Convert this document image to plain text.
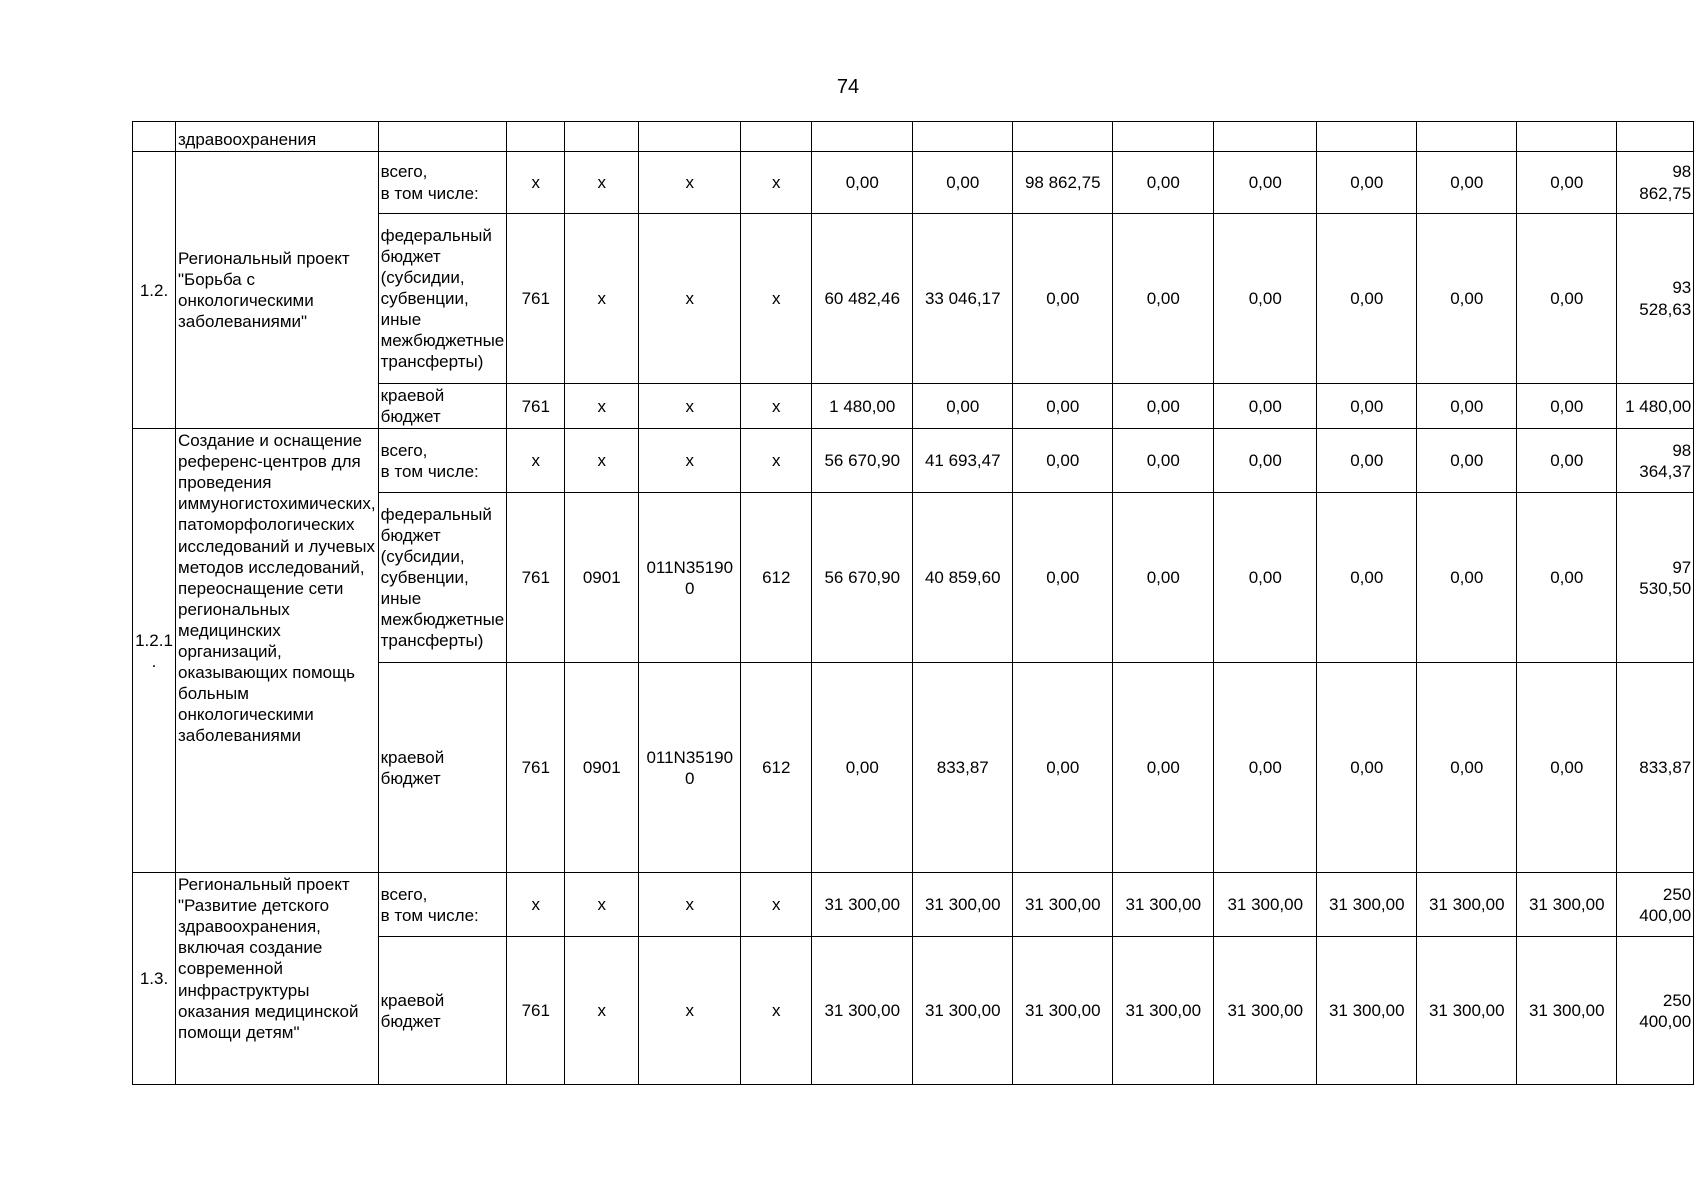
74
	здравоохранения														
1.2.	Региональный проект "Борьба с онкологическими заболеваниями"	всего,
в том числе:	х	х	х	х	0,00	0,00	98 862,75	0,00	0,00	0,00	0,00	0,00	98
862,75
		федеральный бюджет (субсидии, субвенции, иные межбюджетные трансферты)	761	х	х	х	60 482,46	33 046,17	0,00	0,00	0,00	0,00	0,00	0,00	93
528,63
		краевой бюджет	761	х	х	х	1 480,00	0,00	0,00	0,00	0,00	0,00	0,00	0,00	1 480,00
1.2.1
.	Создание и оснащение референс-центров для проведения иммуногистохимических, патоморфологических исследований и лучевых методов исследований, переоснащение сети региональных медицинских организаций, оказывающих помощь больным онкологическими заболеваниями	всего,
в том числе:	х	х	х	х	56 670,90	41 693,47	0,00	0,00	0,00	0,00	0,00	0,00	98
364,37
		федеральный бюджет (субсидии, субвенции, иные межбюджетные трансферты)	761	0901	011N35190
0	612	56 670,90	40 859,60	0,00	0,00	0,00	0,00	0,00	0,00	97
530,50
		краевой бюджет	761	0901	011N35190
0	612	0,00	833,87	0,00	0,00	0,00	0,00	0,00	0,00	833,87
1.3.	Региональный проект "Развитие детского здравоохранения, включая создание современной инфраструктуры оказания медицинской помощи детям"	всего,
в том числе:	х	х	х	х	31 300,00	31 300,00	31 300,00	31 300,00	31 300,00	31 300,00	31 300,00	31 300,00	250
400,00
		краевой бюджет	761	х	х	х	31 300,00	31 300,00	31 300,00	31 300,00	31 300,00	31 300,00	31 300,00	31 300,00	250
400,00
